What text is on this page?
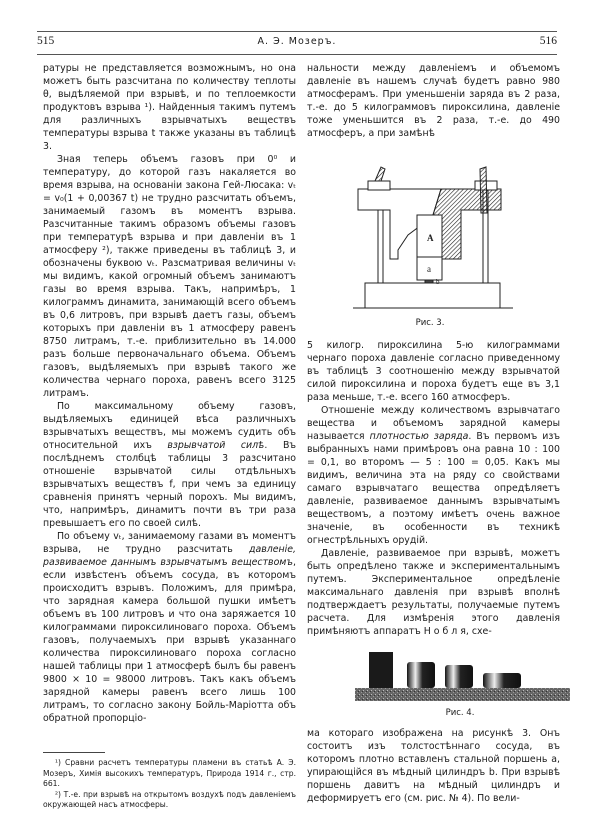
515	А. Э. Мозеръ.	516

ратуры не представляется возможнымъ, но она можетъ быть разсчитана по количеству теплоты θ, выдѣляемой при взрывѣ, и по теплоемкости продуктовъ взрыва ¹). Найденныя такимъ путемъ для различныхъ взрывчатыхъ веществъ температуры взрыва t также указаны въ таблицѣ 3.

Зная теперь объемъ газовъ при 0⁰ и температуру, до которой газъ накаляется во время взрыва, на основанiи закона Гей-Люсака: vₜ = v₀(1 + 0,00367 t) не трудно разсчитать объемъ, занимаемый газомъ въ моментъ взрыва. Разсчитанные такимъ образомъ объемы газовъ при температурѣ взрыва и при давленiи въ 1 атмосферу ²), также приведены въ таблицѣ 3, и обозначены буквою vₜ. Разсматривая величины vₜ мы видимъ, какой огромный объемъ занимаютъ газы во время взрыва. Такъ, напримѣръ, 1 килограммъ динамита, занимающiй всего объемъ въ 0,6 литровъ, при взрывѣ даетъ газы, объемъ которыхъ при давленiи въ 1 атмосферу равенъ 8750 литрамъ, т.-е. приблизительно въ 14.000 разъ больше первоначальнаго объема. Объемъ газовъ, выдѣляемыхъ при взрывѣ такого же количества чернаго пороха, равенъ всего 3125 литрамъ.

По максимальному объему газовъ, выдѣляемыхъ единицей вѣса различныхъ взрывчатыхъ веществъ, мы можемъ судить объ относительной ихъ взрывчатой силѣ. Въ послѣднемъ столбцѣ таблицы 3 разсчитано отношенiе взрывчатой силы отдѣльныхъ взрывчатыхъ веществъ f, при чемъ за единицу сравненiя принятъ черный порохъ. Мы видимъ, что, напримѣръ, динамитъ почти въ три раза превышаетъ его по своей силѣ.

По объему vₜ, занимаемому газами въ моментъ взрыва, не трудно разсчитать давленiе, развиваемое даннымъ взрывчатымъ веществомъ, если извѣстенъ объемъ сосуда, въ которомъ происходитъ взрывъ. Положимъ, для примѣра, что зарядная камера большой пушки имѣетъ объемъ въ 100 литровъ и что она заряжается 10 килограммами пироксилиноваго пороха. Объемъ газовъ, получаемыхъ при взрывѣ указаннаго количества пироксилиноваго пороха согласно нашей таблицы при 1 атмосферѣ былъ бы равенъ 9800 × 10 = 98000 литровъ. Такъ какъ объемъ зарядной камеры равенъ всего лишь 100 литрамъ, то согласно закону Бойль-Марiотта объ обратной пропорцiо-

¹) Сравни расчетъ температуры пламени въ статьѣ А. Э. Мозеръ, Химiя высокихъ температуръ, Природа 1914 г., стр. 661.

²) Т.-е. при взрывѣ на открытомъ воздухѣ подъ давленiемъ окружающей насъ атмосферы.

нальности между давленiемъ и объемомъ давленiе въ нашемъ случаѣ будетъ равно 980 атмосферамъ. При уменьшенiи заряда въ 2 раза, т.-е. до 5 килограммовъ пироксилина, давленiе тоже уменьшится въ 2 раза, т.-е. до 490 атмосферъ, а при замѣнѣ

A
a
b
Рис. 3.

5 килогр. пироксилина 5-ю килограммами чернаго пороха давленiе согласно приведенному въ таблицѣ 3 соотношенiю между взрывчатой силой пироксилина и пороха будетъ еще въ 3,1 раза меньше, т.-е. всего 160 атмосферъ.

Отношенiе между количествомъ взрывчатаго вещества и объемомъ зарядной камеры называется плотностью заряда. Въ первомъ изъ выбранныхъ нами примѣровъ она равна 10 : 100 = 0,1, во второмъ — 5 : 100 = 0,05. Какъ мы видимъ, величина эта на ряду со свойствами самаго взрывчатаго вещества опредѣляетъ давленiе, развиваемое даннымъ взрывчатымъ веществомъ, а поэтому имѣетъ очень важное значенiе, въ особенности въ техникѣ огнестрѣльныхъ орудiй.

Давленiе, развиваемое при взрывѣ, можетъ быть опредѣлено также и экспериментальнымъ путемъ. Экспериментальное опредѣленiе максимальнаго давленiя при взрывѣ вполнѣ подтверждаетъ результаты, получаемые путемъ расчета. Для измѣренiя этого давленiя примѣняютъ аппаратъ Н о б л я, схе-

Рис. 4.

ма котораго изображена на рисункѣ 3. Онъ состоитъ изъ толстостѣннаго сосуда, въ которомъ плотно вставленъ стальной поршень a, упирающiйся въ мѣдный цилиндръ b. При взрывѣ поршень давитъ на мѣдный цилиндръ и деформируетъ его (см. рис. № 4). По вели-
